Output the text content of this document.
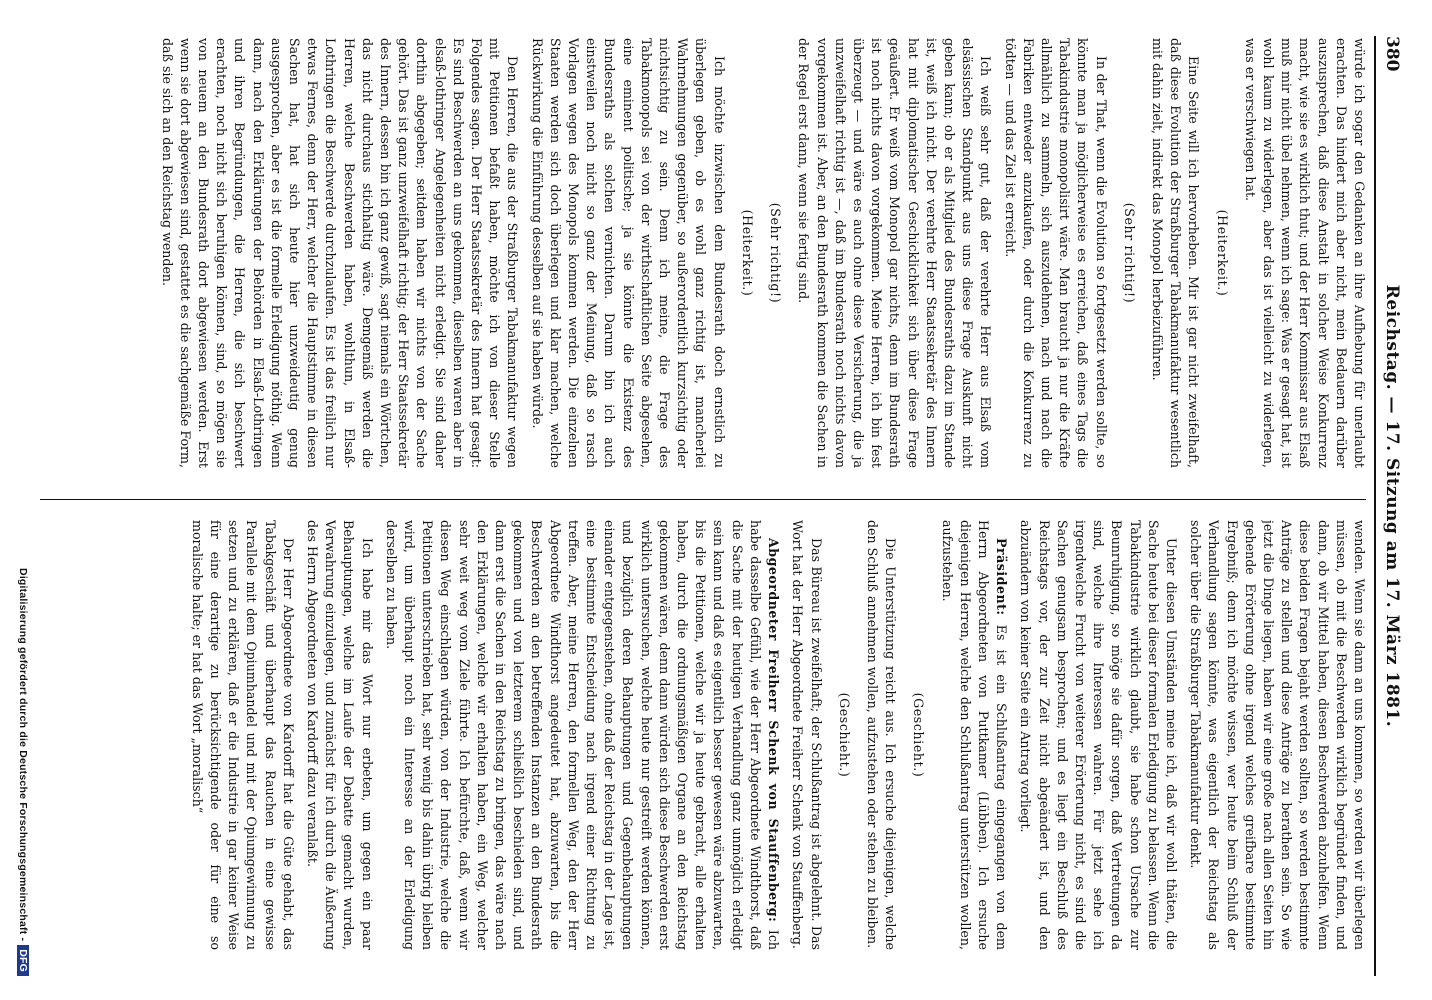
380
Reichstag. — 17. Sitzung am 17. März 1881.

würde ich sogar den Gedanken an ihre Aufhebung für unerlaubt erachten. Das hindert mich aber nicht, mein Bedauern darüber auszusprechen, daß diese Anstalt in solcher Weise Konkurrenz macht, wie sie es wirklich thut; und der Herr Kommissar aus Elsaß muß mir nicht übel nehmen, wenn ich sage: Was er gesagt hat, ist wohl kaum zu widerlegen, aber das ist vielleicht zu widerlegen, was er verschwiegen hat.

(Heiterkeit.)

Eine Seite will ich hervorheben. Mir ist gar nicht zweifelhaft, daß diese Evolution der Straßburger Tabakmanufaktur wesentlich mit dahin zielt, indirekt das Monopol herbeizuführen.

(Sehr richtig!)

In der That, wenn die Evolution so fortgesetzt werden sollte, so könnte man ja möglicherweise es erreichen, daß eines Tags die Tabakindustrie monopolisirt wäre. Man braucht ja nur die Kräfte allmählich zu sammeln, sich auszudehnen, nach und nach die Fabriken entweder anzukaufen, oder durch die Konkurrenz zu tödten — und das Ziel ist erreicht.

Ich weiß sehr gut, daß der verehrte Herr aus Elsaß vom elsässischen Standpunkt aus uns diese Frage Auskunft nicht geben kann; ob er als Mitglied des Bundesraths dazu im Stande ist, weiß ich nicht. Der verehrte Herr Staatssekretär des Innern hat mit diplomatischer Geschicklichkeit sich über diese Frage geäußert. Er weiß vom Monopol gar nichts, denn im Bundesrath ist noch nichts davon vorgekommen. Meine Herren, ich bin fest überzeugt — und wäre es auch ohne diese Versicherung, die ja unzweifelhaft richtig ist —, daß im Bundesrath noch nichts davon vorgekommen ist. Aber, an den Bundesrath kommen die Sachen in der Regel erst dann, wenn sie fertig sind.

(Sehr richtig!)

(Heiterkeit.)

Ich möchte inzwischen dem Bundesrath doch ernstlich zu überlegen geben, ob es wohl ganz richtig ist, mancherlei Wahrnehmungen gegenüber, so außerordentlich kurzsichtig oder nichtsichtig zu sein. Denn ich meine, die Frage des Tabakmonopols sei von der wirthschaftlichen Seite abgesehen, eine eminent politische; ja sie könnte die Existenz des Bundesraths als solchen vernichten. Darum bin ich auch einstweilen noch nicht so ganz der Meinung, daß so rasch Vorlagen wegen des Monopols kommen werden. Die einzelnen Staaten werden sich doch überlegen und klar machen, welche Rückwirkung die Einführung desselben auf sie haben würde.

Den Herren, die aus der Straßburger Tabakmanufaktur wegen mit Petitionen befaßt haben, möchte ich von dieser Stelle Folgendes sagen. Der Herr Staatssekretär des Innern hat gesagt: Es sind Beschwerden an uns gekommen, dieselben waren aber in elsaß-lothringer Angelegenheiten nicht erledigt. Sie sind daher dorthin abgegeben; seitdem haben wir nichts von der Sache gehört. Das ist ganz unzweifelhaft richtig; der Herr Staatssekretär des Innern, dessen bin ich ganz gewiß, sagt niemals ein Wörtchen, das nicht durchaus stichhaltig wäre. Demgemäß werden die Herren, welche Beschwerden haben, wohlthun, in Elsaß-Lothringen die Beschwerde durchzulaufen. Es ist das freilich nur etwas Fernes, denn der Herr, welcher die Hauptstimme in diesen Sachen hat, hat sich heute hier unzweideutig genug ausgesprochen, aber es ist die formelle Erledigung nöthig. Wenn dann, nach den Erklärungen der Behörden in Elsaß-Lothringen und ihren Begründungen, die Herren, die sich beschwert erachten, noch nicht sich beruhigen können, sind, so mögen sie von neuem an den Bundesrath dort abgewiesen werden. Erst wenn sie dort abgewiesen sind, gestattet es die sachgemäße Form, daß sie sich an den Reichstag wenden.

wenden. Wenn sie dann an uns kommen, so werden wir überlegen müssen, ob mit die Beschwerden wirklich begründet finden, und dann, ob wir Mittel haben, diesen Beschwerden abzuhelfen. Wenn diese beiden Fragen bejaht werden sollten, so werden bestimmte Anträge zu stellen und diese Anträge zu berathen sein. So wie jetzt die Dinge liegen, haben wir eine große nach allen Seiten hin gehende Erörterung ohne irgend welches greifbare bestimmte Ergebniß; denn ich möchte wissen, wer heute beim Schluß der Verhandlung sagen könnte, was eigentlich der Reichstag als solcher über die Straßburger Tabakmanufaktur denkt.

Unter diesen Umständen meine ich, daß wir wohl thäten, die Sache heute bei dieser formalen Erledigung zu belassen. Wenn die Tabakindustrie wirklich glaubt, sie habe schon Ursache zur Beunruhigung, so möge sie dafür sorgen, daß Vertretungen da sind, welche ihre Interessen wahren. Für jetzt sehe ich irgendwelche Frucht von weiterer Erörterung nicht, es sind die Sachen genugsam besprochen; und es liegt ein Beschluß des Reichstags vor, der zur Zeit nicht abgeändert ist, und den abzuändern von keiner Seite ein Antrag vorliegt.

Präsident: Es ist ein Schlußantrag eingegangen von dem Herrn Abgeordneten von Puttkamer (Lübben). Ich ersuche diejenigen Herren, welche den Schlußantrag unterstützen wollen, aufzustehen.

(Geschieht.)

Die Unterstützung reicht aus. Ich ersuche diejenigen, welche den Schluß annehmen wollen, aufzustehen oder stehen zu bleiben.

(Geschieht.)

Das Büreau ist zweifelhaft; der Schlußantrag ist abgelehnt. Das Wort hat der Herr Abgeordnete Freiherr Schenk von Stauffenberg.

Abgeordneter Freiherr Schenk von Stauffenberg: Ich habe dasselbe Gefühl, wie der Herr Abgeordnete Windthorst, daß die Sache mit der heutigen Verhandlung ganz unmöglich erledigt sein kann und daß es eigentlich besser gewesen wäre abzuwarten, bis die Petitionen, welche wir ja heute gebracht, alle erhalten haben, durch die ordnungsmäßigen Organe an den Reichstag gekommen wären, denn dann würden sich diese Beschwerden erst wirklich untersuchen, welche heute nur gestreift werden können, und bezüglich deren Behauptungen und Gegenbehauptungen einander entgegenstehen, ohne daß der Reichstag in der Lage ist, eine bestimmte Entscheidung nach irgend einer Richtung zu treffen. Aber, meine Herren, den formellen Weg, den der Herr Abgeordnete Windthorst angedeutet hat, abzuwarten, bis die Beschwerden an den betreffenden Instanzen an den Bundesrath gekommen und von letzterem schließlich beschieden sind, und dann erst die Sachen in den Reichstag zu bringen, das wäre nach den Erklärungen, welche wir erhalten haben, ein Weg, welcher sehr weit weg vom Ziele führte. Ich befürchte, daß, wenn wir diesen Weg einschlagen würden, von der Industrie, welche die Petitionen unterschrieben hat, sehr wenig bis dahin übrig bleiben wird, um überhaupt noch ein Interesse an der Erledigung derselben zu haben.

Ich habe mir das Wort nur erbeten, um gegen ein paar Behauptungen, welche im Laufe der Debatte gemacht wurden, Verwahrung einzulegen, und zunächst für ich durch die Äußerung des Herrn Abgeordneten von Kardorff dazu veranlaßt.

Der Herr Abgeordnete von Kardorff hat die Güte gehabt, das Tabakgeschäft und überhaupt das Rauchen in eine gewisse Parallele mit dem Opiumhandel und mit der Opiumgewinnung zu setzen und zu erklären, daß er die Industrie in gar keiner Weise für eine derartige zu berücksichtigende oder für eine so moralische halte; er hat das Wort „moralisch“

Digitalisierung gefördert durch die Deutsche Forschungsgemeinschaft -DFG
